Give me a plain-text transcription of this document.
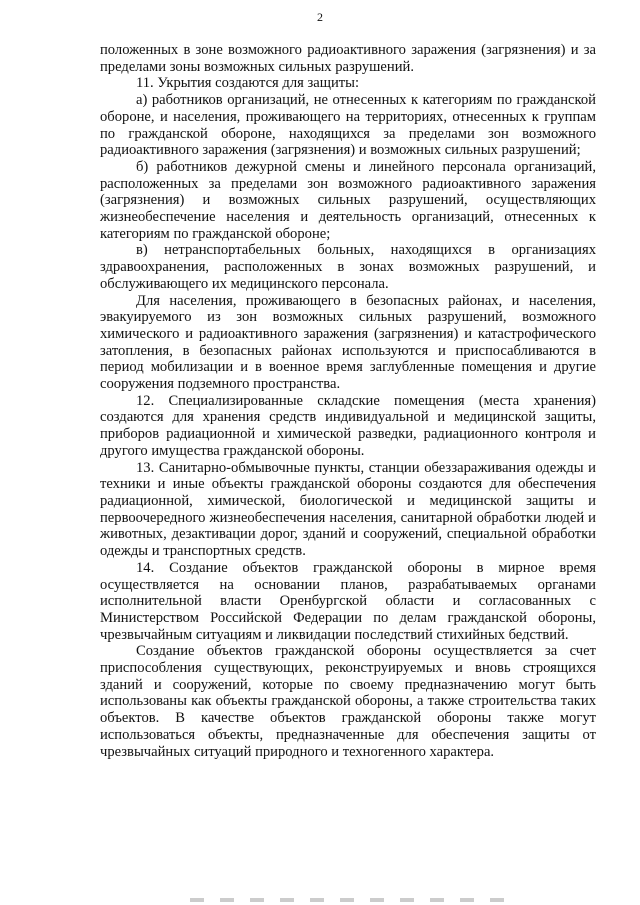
2

положенных в зоне возможного радиоактивного заражения (загрязнения) и за пределами зоны возможных сильных разрушений.

11. Укрытия создаются для защиты:

а) работников организаций, не отнесенных к категориям по гражданской обороне, и населения, проживающего на территориях, отнесенных к группам по гражданской обороне, находящихся за пределами зон возможного радиоактивного заражения (загрязнения) и возможных сильных разрушений;

б) работников дежурной смены и линейного персонала организаций, расположенных за пределами зон возможного радиоактивного заражения (загрязнения) и возможных сильных разрушений, осуществляющих жизнеобеспечение населения и деятельность организаций, отнесенных к категориям по гражданской обороне;

в) нетранспортабельных больных, находящихся в организациях здравоохранения, расположенных в зонах возможных разрушений, и обслуживающего их медицинского персонала.

Для населения, проживающего в безопасных районах, и населения, эвакуируемого из зон возможных сильных разрушений, возможного химического и радиоактивного заражения (загрязнения) и катастрофического затопления, в безопасных районах используются и приспосабливаются в период мобилизации и в военное время заглубленные помещения и другие сооружения подземного пространства.

12. Специализированные складские помещения (места хранения) создаются для хранения средств индивидуальной и медицинской защиты, приборов радиационной и химической разведки, радиационного контроля и другого имущества гражданской обороны.

13. Санитарно-обмывочные пункты, станции обеззараживания одежды и техники и иные объекты гражданской обороны создаются для обеспечения радиационной, химической, биологической и медицинской защиты и первоочередного жизнеобеспечения населения, санитарной обработки людей и животных, дезактивации дорог, зданий и сооружений, специальной обработки одежды и транспортных средств.

14. Создание объектов гражданской обороны в мирное время осуществляется на основании планов, разрабатываемых органами исполнительной власти Оренбургской области и согласованных с Министерством Российской Федерации по делам гражданской обороны, чрезвычайным ситуациям и ликвидации последствий стихийных бедствий.

Создание объектов гражданской обороны осуществляется за счет приспособления существующих, реконструируемых и вновь строящихся зданий и сооружений, которые по своему предназначению могут быть использованы как объекты гражданской обороны, а также строительства таких объектов. В качестве объектов гражданской обороны также могут использоваться объекты, предназначенные для обеспечения защиты от чрезвычайных ситуаций природного и техногенного характера.
